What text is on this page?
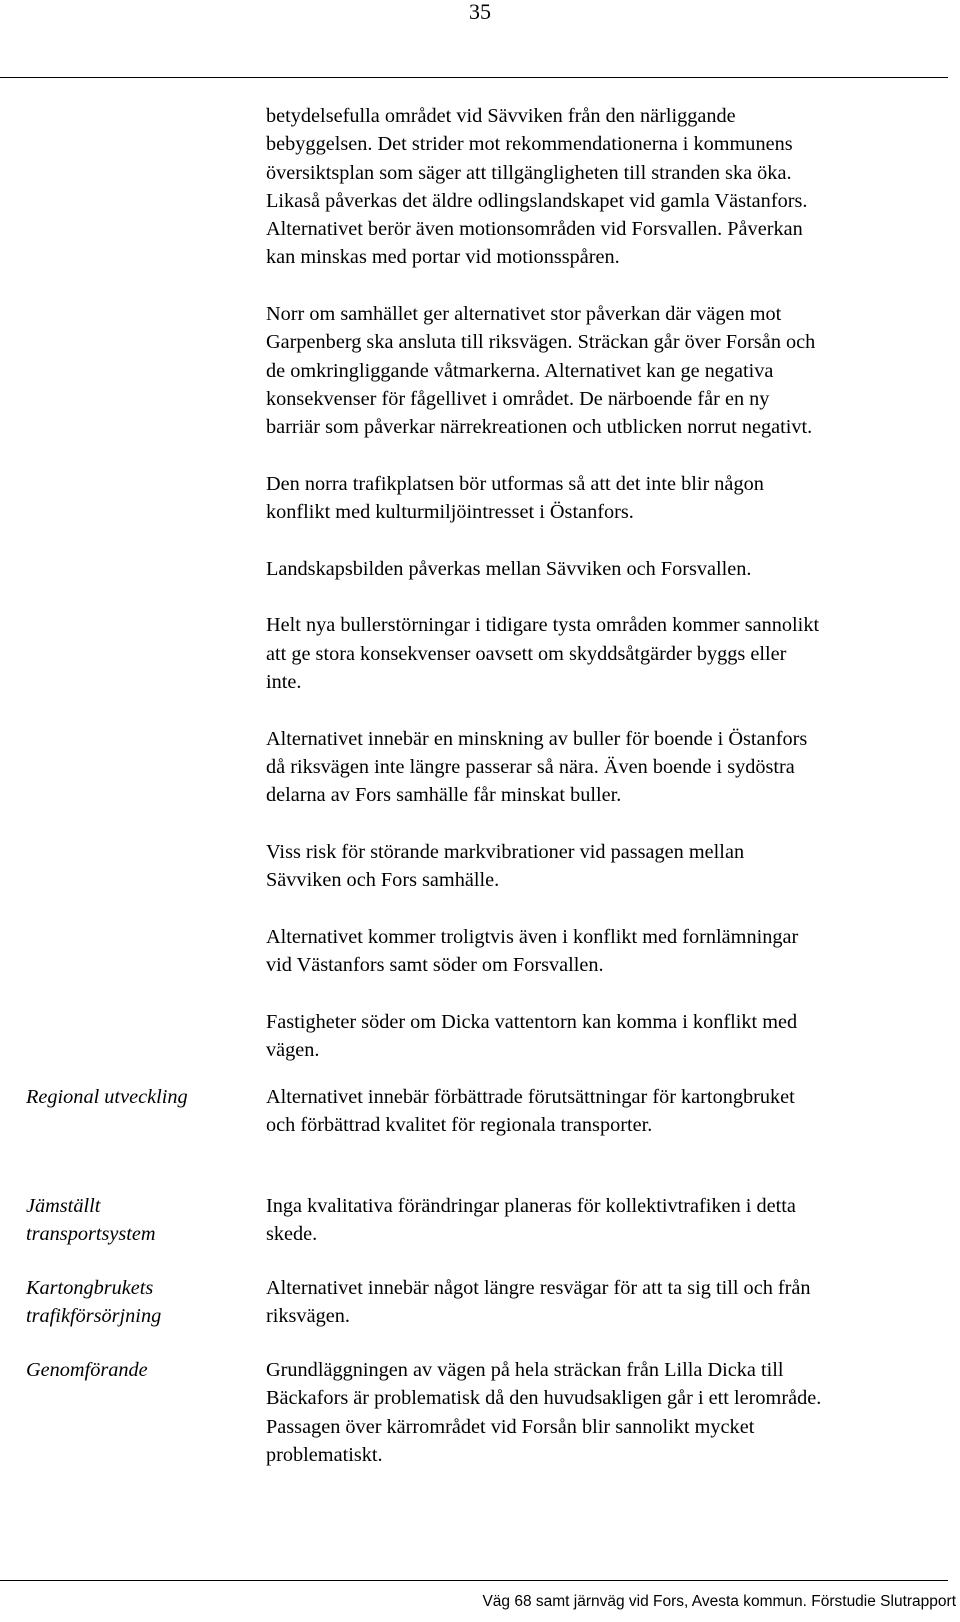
35

betydelsefulla området vid Sävviken från den närliggande
bebyggelsen. Det strider mot rekommendationerna i kommunens
översiktsplan som säger att tillgängligheten till stranden ska öka.
Likaså påverkas det äldre odlingslandskapet vid gamla Västanfors.
Alternativet berör även motionsområden vid Forsvallen. Påverkan
kan minskas med portar vid motionsspåren.

Norr om samhället ger alternativet stor påverkan där vägen mot
Garpenberg ska ansluta till riksvägen. Sträckan går över Forsån och
de omkringliggande våtmarkerna. Alternativet kan ge negativa
konsekvenser för fågellivet i området. De närboende får en ny
barriär som påverkar närrekreationen och utblicken norrut negativt.

Den norra trafikplatsen bör utformas så att det inte blir någon
konflikt med kulturmiljöintresset i Östanfors.

Landskapsbilden påverkas mellan Sävviken och Forsvallen.

Helt nya bullerstörningar i tidigare tysta områden kommer sannolikt
att ge stora konsekvenser oavsett om skyddsåtgärder byggs eller
inte.

Alternativet innebär en minskning av buller för boende i Östanfors
då riksvägen inte längre passerar så nära. Även boende i sydöstra
delarna av Fors samhälle får minskat buller.

Viss risk för störande markvibrationer vid passagen mellan
Sävviken och Fors samhälle.

Alternativet kommer troligtvis även i konflikt med fornlämningar
vid Västanfors samt söder om Forsvallen.

Fastigheter söder om Dicka vattentorn kan komma i konflikt med
vägen.

Regional utveckling	Alternativet innebär förbättrade förutsättningar för kartongbruket
och förbättrad kvalitet för regionala transporter.
Jämställt
transportsystem
Inga kvalitativa förändringar planeras för kollektivtrafiken i detta
skede.
Kartongbrukets
trafikförsörjning
Alternativet innebär något längre resvägar för att ta sig till och från
riksvägen.
Genomförande	Grundläggningen av vägen på hela sträckan från Lilla Dicka till
Bäckafors är problematisk då den huvudsakligen går i ett lerområde.
Passagen över kärrområdet vid Forsån blir sannolikt mycket
problematiskt.
Väg 68 samt järnväg vid Fors, Avesta kommun. Förstudie Slutrapport
